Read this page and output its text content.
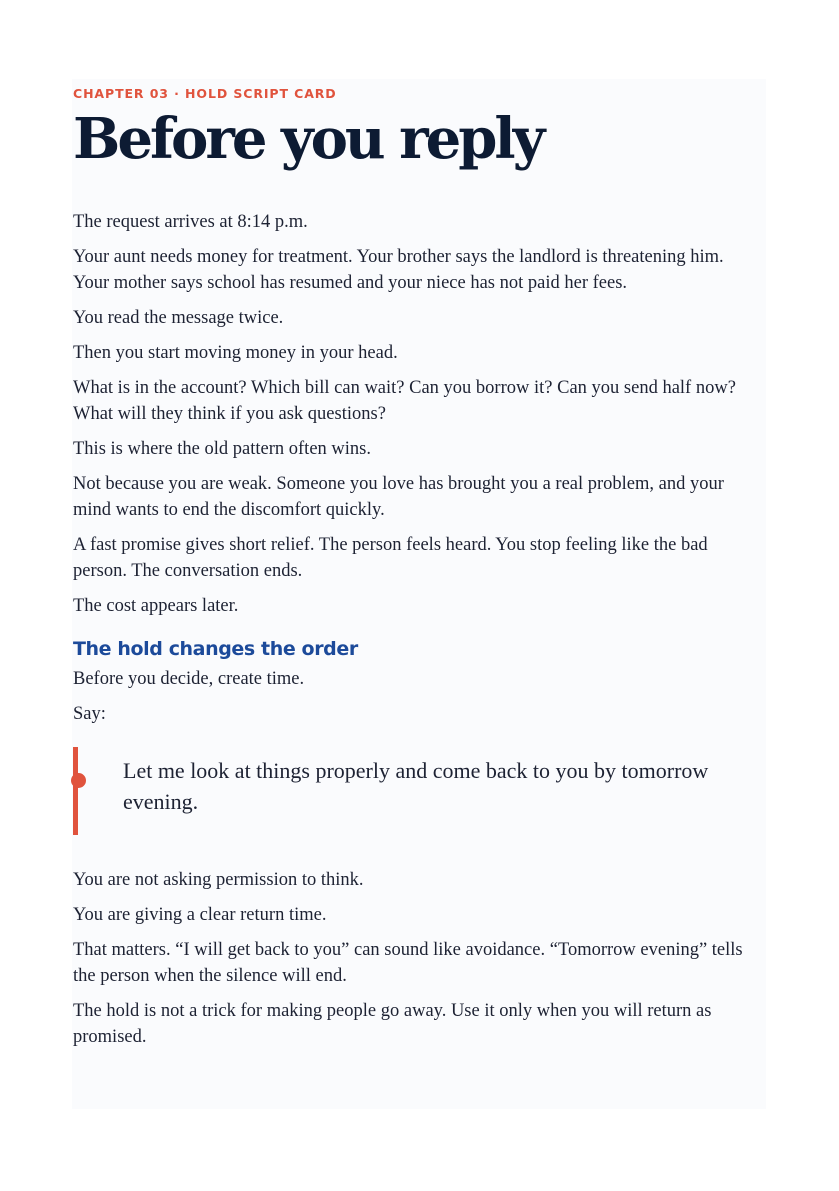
CHAPTER 03 · HOLD SCRIPT CARD

Before you reply

The request arrives at 8:14 p.m.

Your aunt needs money for treatment. Your brother says the landlord is threatening him. Your mother says school has resumed and your niece has not paid her fees.

You read the message twice.

Then you start moving money in your head.

What is in the account? Which bill can wait? Can you borrow it? Can you send half now? What will they think if you ask questions?

This is where the old pattern often wins.

Not because you are weak. Someone you love has brought you a real problem, and your mind wants to end the discomfort quickly.

A fast promise gives short relief. The person feels heard. You stop feeling like the bad person. The conversation ends.

The cost appears later.

The hold changes the order

Before you decide, create time.

Say:

Let me look at things properly and come back to you by tomorrow evening.

You are not asking permission to think.

You are giving a clear return time.

That matters. “I will get back to you” can sound like avoidance. “Tomorrow evening” tells the person when the silence will end.

The hold is not a trick for making people go away. Use it only when you will return as promised.
